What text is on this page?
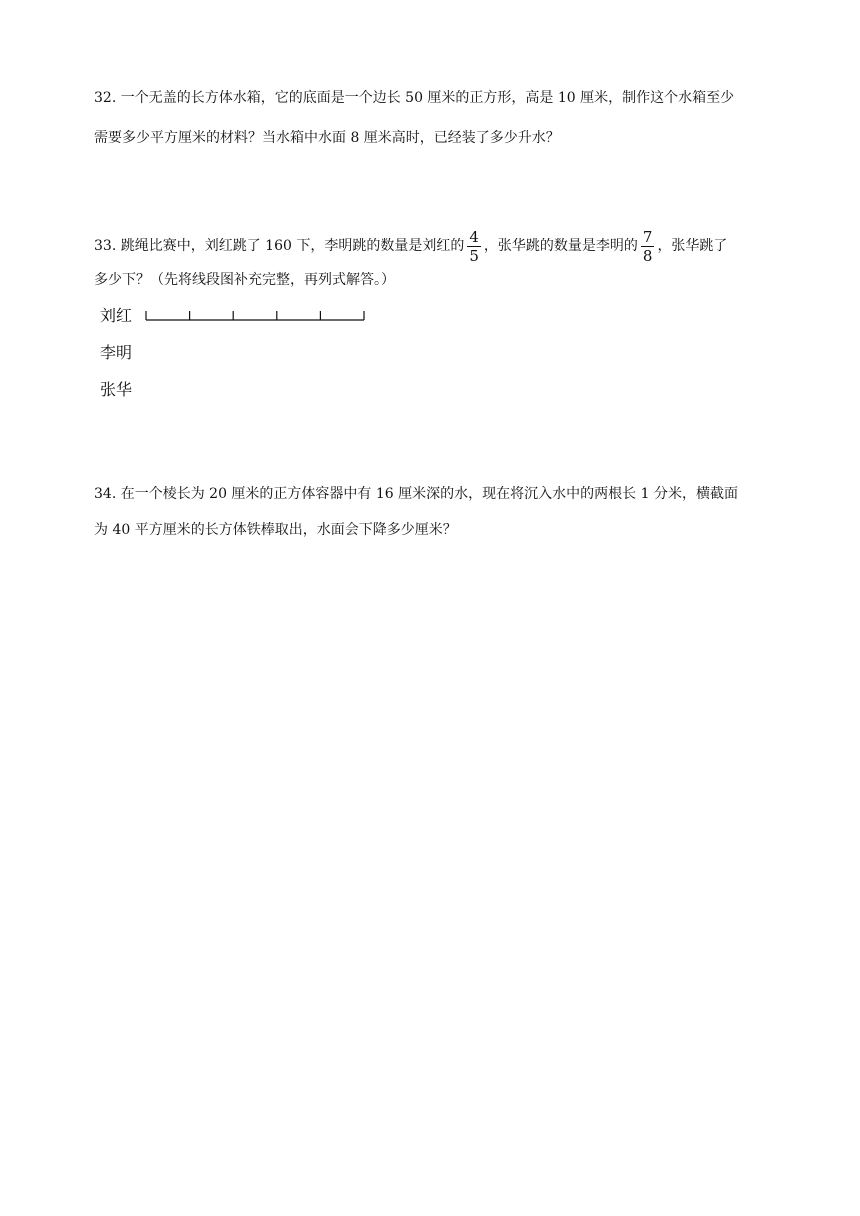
32. 一个无盖的长方体水箱，它的底面是一个边长 50 厘米的正方形，高是 10 厘米，制作这个水箱至少
需要多少平方厘米的材料？当水箱中水面 8 厘米高时，已经装了多少升水？
33. 跳绳比赛中，刘红跳了 160 下，李明跳的数量是刘红的 $\frac{4}{5}$ ，张华跳的数量是李明的 $\frac{7}{8}$ ，张华跳了
多少下？（先将线段图补充完整，再列式解答。）
刘红
李明
张华
34. 在一个棱长为 20 厘米的正方体容器中有 16 厘米深的水，现在将沉入水中的两根长 1 分米，横截面
为 40 平方厘米的长方体铁棒取出，水面会下降多少厘米？
